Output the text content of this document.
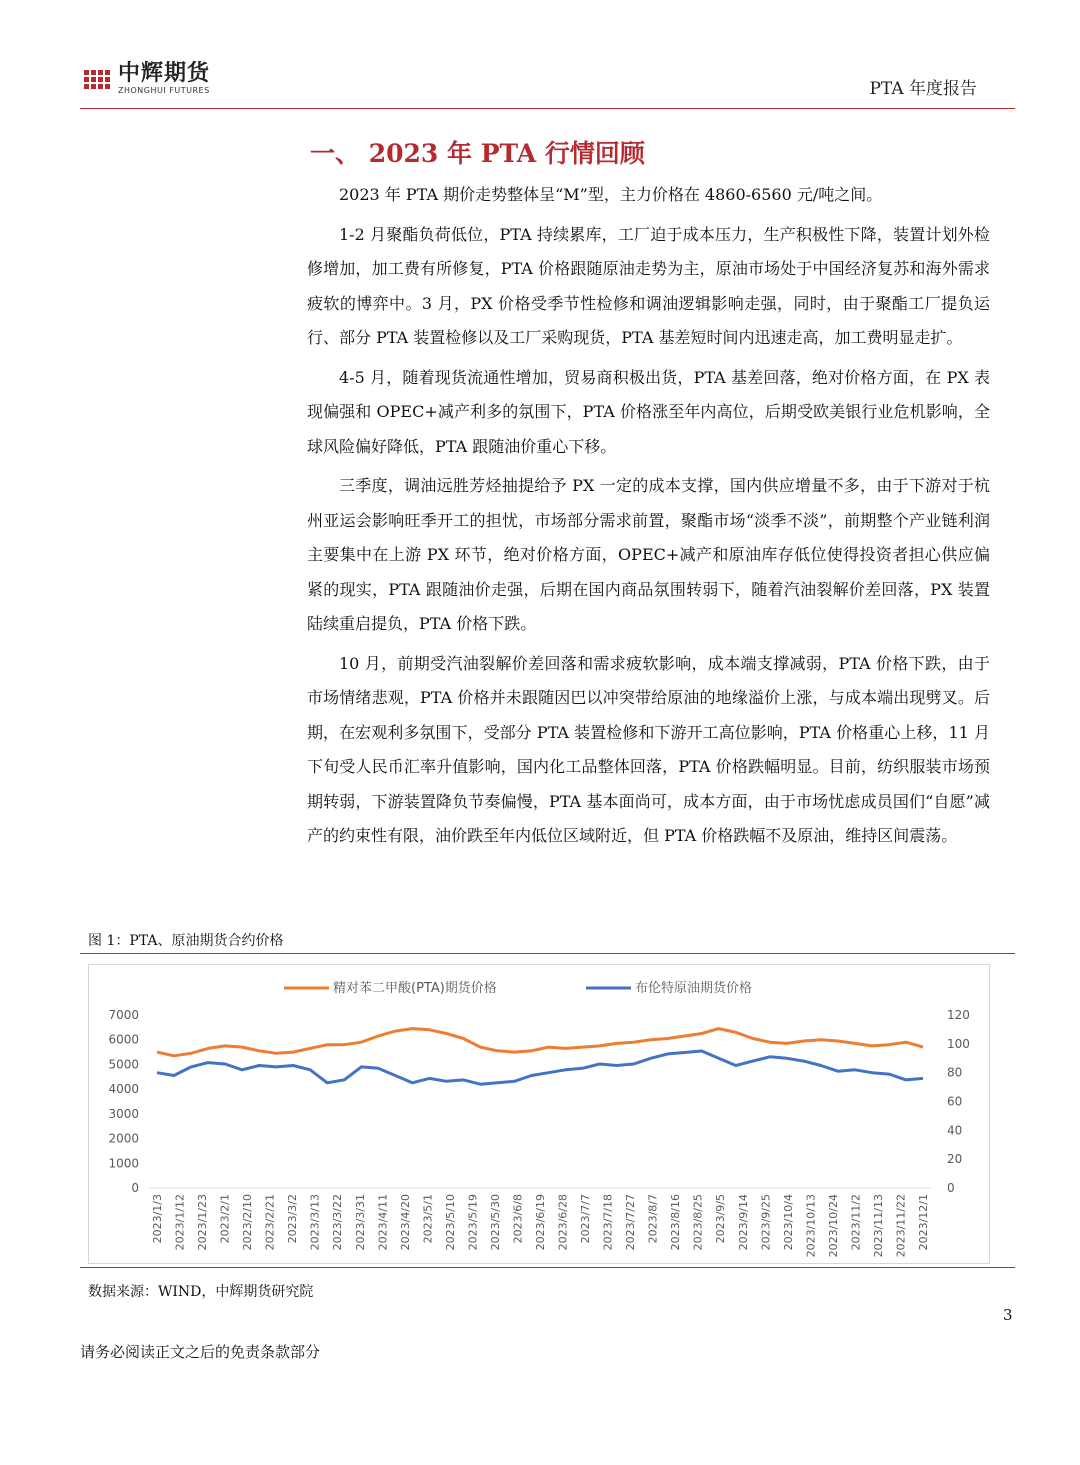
中辉期货
ZHONGHUI FUTURES	PTA 年度报告
一、 2023 年 PTA 行情回顾

2023 年 PTA 期价走势整体呈“M”型，主力价格在 4860-6560 元/吨之间。

1-2 月聚酯负荷低位，PTA 持续累库，工厂迫于成本压力，生产积极性下降，装置计划外检修增加，加工费有所修复，PTA 价格跟随原油走势为主，原油市场处于中国经济复苏和海外需求疲软的博弈中。3 月，PX 价格受季节性检修和调油逻辑影响走强，同时，由于聚酯工厂提负运行、部分 PTA 装置检修以及工厂采购现货，PTA 基差短时间内迅速走高，加工费明显走扩。

4-5 月，随着现货流通性增加，贸易商积极出货，PTA 基差回落，绝对价格方面，在 PX 表现偏强和 OPEC+减产利多的氛围下，PTA 价格涨至年内高位，后期受欧美银行业危机影响，全球风险偏好降低，PTA 跟随油价重心下移。

三季度，调油远胜芳烃抽提给予 PX 一定的成本支撑，国内供应增量不多，由于下游对于杭州亚运会影响旺季开工的担忧，市场部分需求前置，聚酯市场“淡季不淡”，前期整个产业链利润主要集中在上游 PX 环节，绝对价格方面，OPEC+减产和原油库存低位使得投资者担心供应偏紧的现实，PTA 跟随油价走强，后期在国内商品氛围转弱下，随着汽油裂解价差回落，PX 装置陆续重启提负，PTA 价格下跌。

10 月，前期受汽油裂解价差回落和需求疲软影响，成本端支撑减弱，PTA 价格下跌，由于市场情绪悲观，PTA 价格并未跟随因巴以冲突带给原油的地缘溢价上涨，与成本端出现劈叉。后期，在宏观利多氛围下，受部分 PTA 装置检修和下游开工高位影响，PTA 价格重心上移，11 月下旬受人民币汇率升值影响，国内化工品整体回落，PTA 价格跌幅明显。目前，纺织服装市场预期转弱，下游装置降负节奏偏慢，PTA 基本面尚可，成本方面，由于市场忧虑成员国们“自愿”减产的约束性有限，油价跌至年内低位区域附近，但 PTA 价格跌幅不及原油，维持区间震荡。

图 1：PTA、原油期货合约价格
精对苯二甲酸(PTA)期货价格	布伦特原油期货价格
7000
6000
5000
4000
3000
2000
1000
0
120
100
80
60
40
20
0
2023/1/3 2023/1/12 2023/1/23 2023/2/1 2023/2/10 2023/2/21 2023/3/2 2023/3/13 2023/3/22 2023/3/31 2023/4/11 2023/4/20 2023/5/1 2023/5/10 2023/5/19 2023/5/30 2023/6/8 2023/6/19 2023/6/28 2023/7/7 2023/7/18 2023/7/27 2023/8/7 2023/8/16 2023/8/25 2023/9/5 2023/9/14 2023/9/25 2023/10/4 2023/10/13 2023/10/24 2023/11/2 2023/11/13 2023/11/22 2023/12/1
数据来源：WIND，中辉期货研究院
3
请务必阅读正文之后的免责条款部分
